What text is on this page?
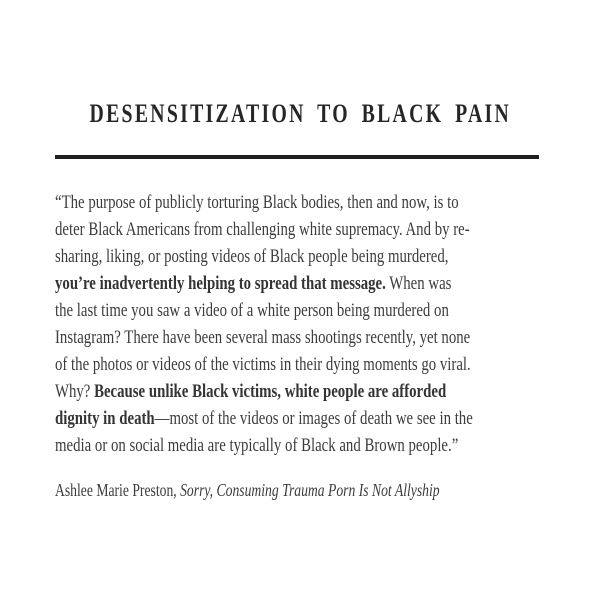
DESENSITIZATION TO BLACK PAIN
“The purpose of publicly torturing Black bodies, then and now, is to
deter Black Americans from challenging white supremacy. And by re-
sharing, liking, or posting videos of Black people being murdered,
you’re inadvertently helping to spread that message. When was
the last time you saw a video of a white person being murdered on
Instagram? There have been several mass shootings recently, yet none
of the photos or videos of the victims in their dying moments go viral.
Why? Because unlike Black victims, white people are afforded
dignity in death—most of the videos or images of death we see in the
media or on social media are typically of Black and Brown people.”
Ashlee Marie Preston, Sorry, Consuming Trauma Porn Is Not Allyship
